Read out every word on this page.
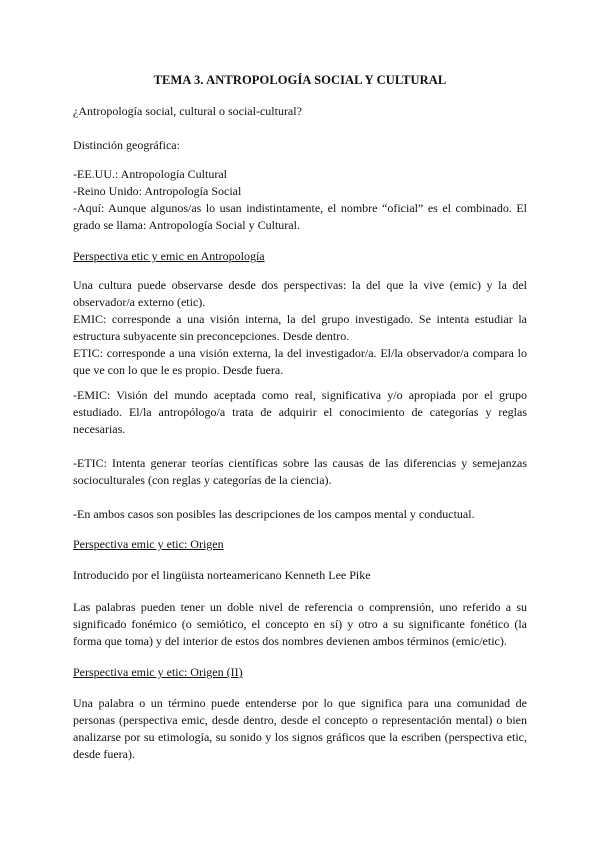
TEMA 3. ANTROPOLOGÍA SOCIAL Y CULTURAL
¿Antropología social, cultural o social-cultural?
Distinción geográfica:

-EE.UU.: Antropología Cultural

-Reino Unido: Antropología Social

-Aquí: Aunque algunos/as lo usan indistintamente, el nombre “oficial” es el combinado. El grado se llama: Antropología Social y Cultural.

Perspectiva etic y emic en Antropología

Una cultura puede observarse desde dos perspectivas: la del que la vive (emic) y la del observador/a externo (etic).

EMIC: corresponde a una visión interna, la del grupo investigado. Se intenta estudiar la estructura subyacente sin preconcepciones. Desde dentro.

ETIC: corresponde a una visión externa, la del investigador/a. El/la observador/a compara lo que ve con lo que le es propio. Desde fuera.

-EMIC: Visión del mundo aceptada como real, significativa y/o apropiada por el grupo estudiado. El/la antropólogo/a trata de adquirir el conocimiento de categorías y reglas necesarias.
-ETIC: Intenta generar teorías científicas sobre las causas de las diferencias y semejanzas socioculturales (con reglas y categorías de la ciencia).
-En ambos casos son posibles las descripciones de los campos mental y conductual.
Perspectiva emic y etic: Origen
Introducido por el lingüista norteamericano Kenneth Lee Pike
Las palabras pueden tener un doble nivel de referencia o comprensión, uno referido a su significado fonémico (o semiótico, el concepto en sí) y otro a su significante fonético (la forma que toma) y del interior de estos dos nombres devienen ambos términos (emic/etic).
Perspectiva emic y etic: Origen (II)
Una palabra o un término puede entenderse por lo que significa para una comunidad de personas (perspectiva emic, desde dentro, desde el concepto o representación mental) o bien analizarse por su etimología, su sonido y los signos gráficos que la escriben (perspectiva etic, desde fuera).
